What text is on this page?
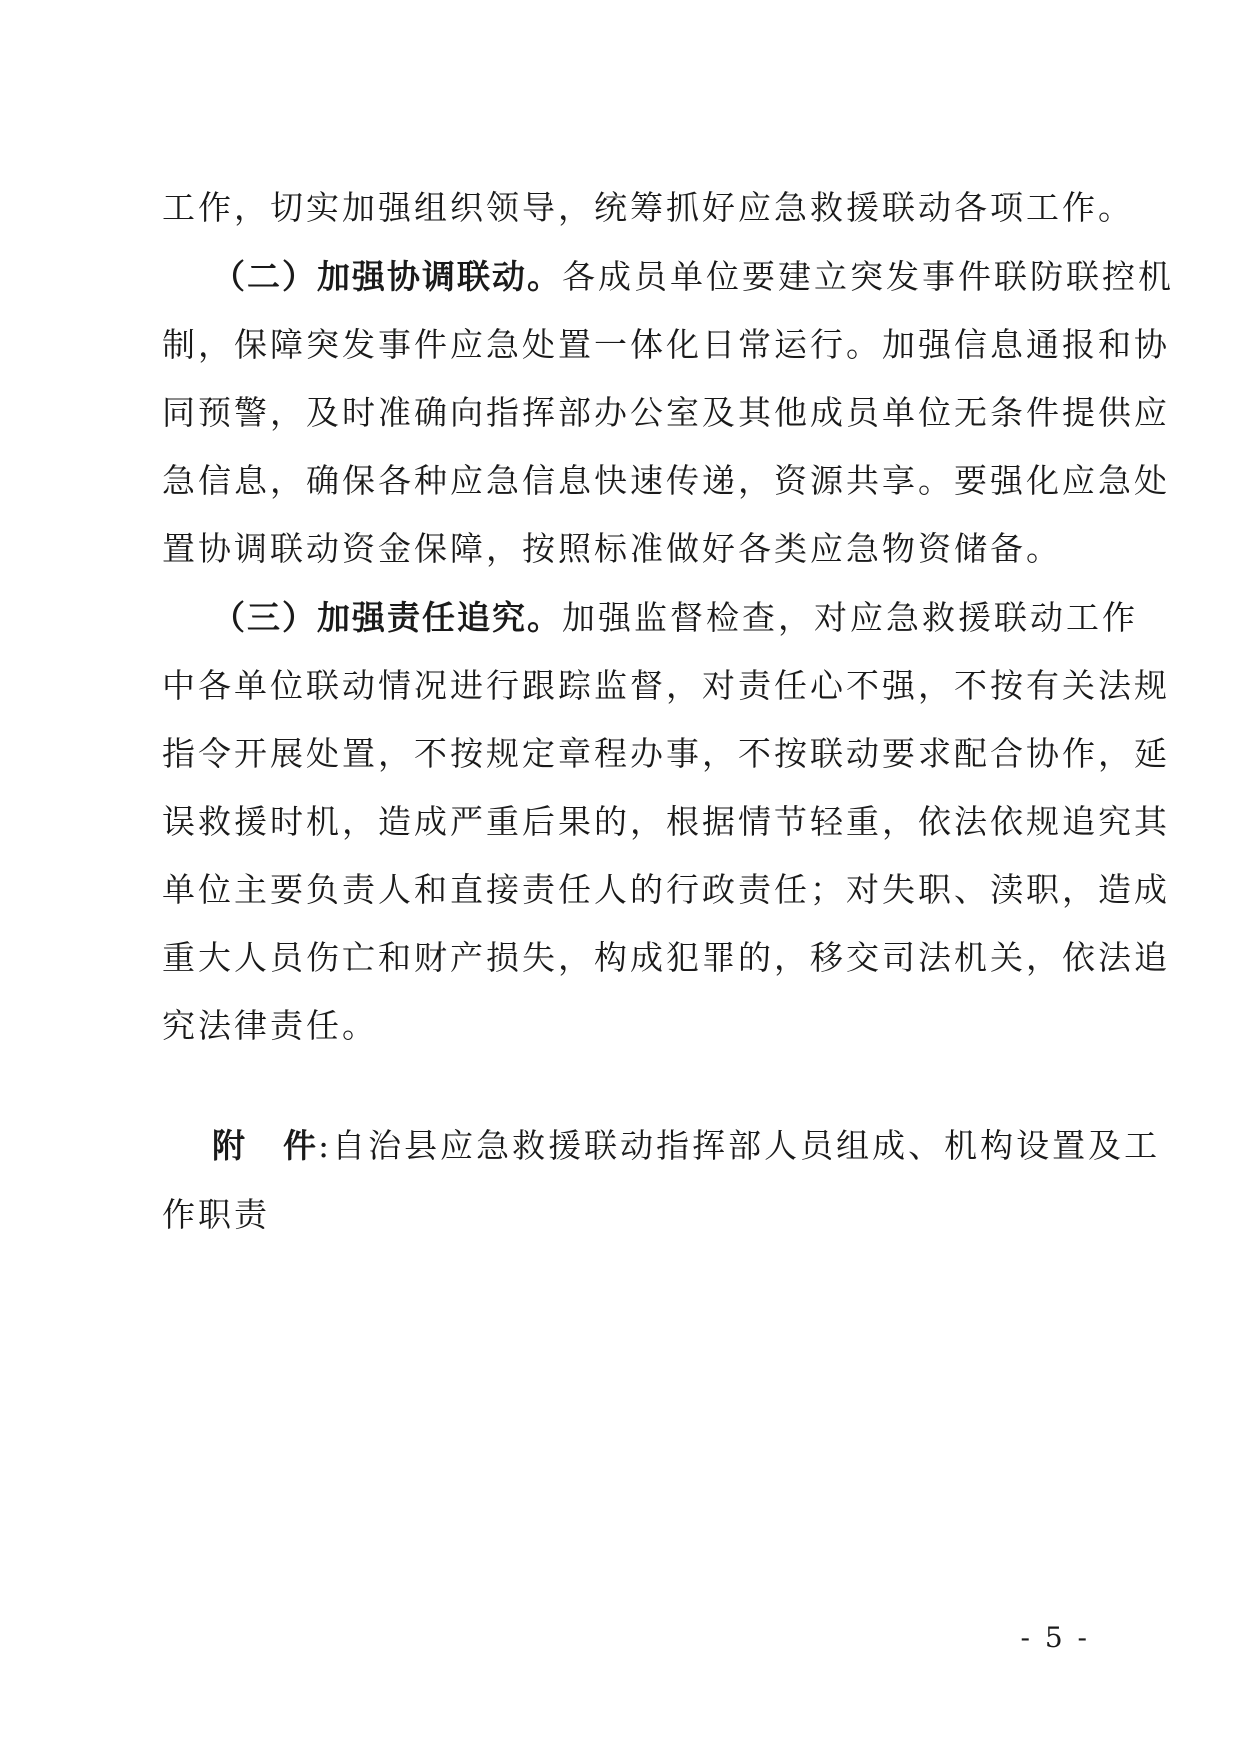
工作，切实加强组织领导，统筹抓好应急救援联动各项工作。
（二）加强协调联动。各成员单位要建立突发事件联防联控机
制，保障突发事件应急处置一体化日常运行。加强信息通报和协
同预警，及时准确向指挥部办公室及其他成员单位无条件提供应
急信息，确保各种应急信息快速传递，资源共享。要强化应急处
置协调联动资金保障，按照标准做好各类应急物资储备。
（三）加强责任追究。加强监督检查，对应急救援联动工作
中各单位联动情况进行跟踪监督，对责任心不强，不按有关法规
指令开展处置，不按规定章程办事，不按联动要求配合协作，延
误救援时机，造成严重后果的，根据情节轻重，依法依规追究其
单位主要负责人和直接责任人的行政责任；对失职、渎职，造成
重大人员伤亡和财产损失，构成犯罪的，移交司法机关，依法追
究法律责任。
附 件:自治县应急救援联动指挥部人员组成、机构设置及工
作职责
- 5 -
